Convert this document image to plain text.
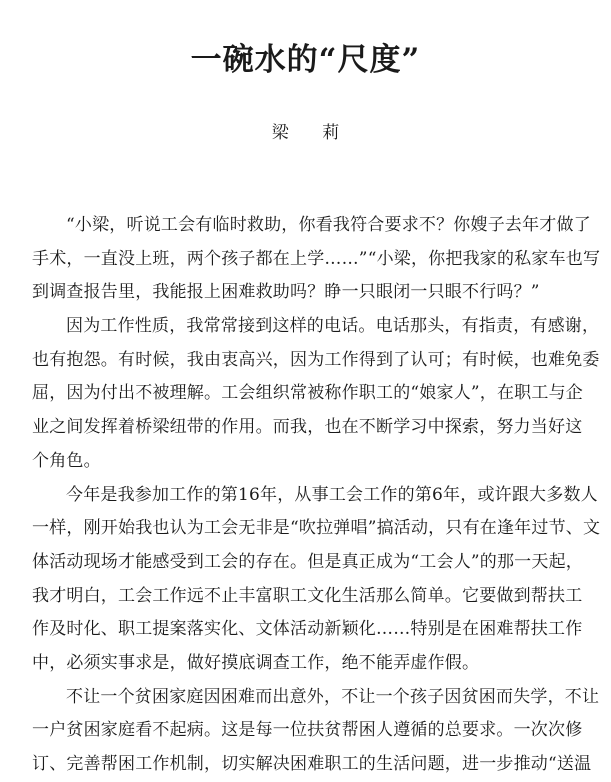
一碗水的“尺度”
梁 莉
“小梁，听说工会有临时救助，你看我符合要求不？你嫂子去年才做了
手术，一直没上班，两个孩子都在上学……”“小梁，你把我家的私家车也写
到调查报告里，我能报上困难救助吗？睁一只眼闭一只眼不行吗？”
因为工作性质，我常常接到这样的电话。电话那头，有指责，有感谢，
也有抱怨。有时候，我由衷高兴，因为工作得到了认可；有时候，也难免委
屈，因为付出不被理解。工会组织常被称作职工的“娘家人”，在职工与企
业之间发挥着桥梁纽带的作用。而我，也在不断学习中探索，努力当好这
个角色。
今年是我参加工作的第16年，从事工会工作的第6年，或许跟大多数人
一样，刚开始我也认为工会无非是“吹拉弹唱”搞活动，只有在逢年过节、文
体活动现场才能感受到工会的存在。但是真正成为“工会人”的那一天起，
我才明白，工会工作远不止丰富职工文化生活那么简单。它要做到帮扶工
作及时化、职工提案落实化、文体活动新颖化……特别是在困难帮扶工作
中，必须实事求是，做好摸底调查工作，绝不能弄虚作假。
不让一个贫困家庭因困难而出意外，不让一个孩子因贫困而失学，不让
一户贫困家庭看不起病。这是每一位扶贫帮困人遵循的总要求。一次次修
订、完善帮困工作机制，切实解决困难职工的生活问题，进一步推动“送温
